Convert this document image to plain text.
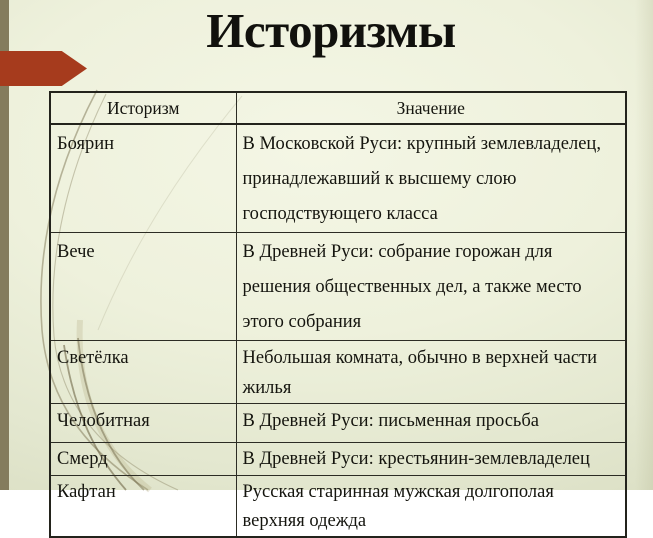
Историзмы
Историзм	Значение
Боярин	В Московской Руси: крупный землевладелец, принадлежавший к высшему слою господствующего класса
Вече	В Древней Руси: собрание горожан для решения общественных дел, а также место этого собрания
Светёлка	Небольшая комната, обычно в верхней части жилья
Челобитная	В Древней Руси: письменная просьба
Смерд	В Древней Руси: крестьянин-землевладелец
Кафтан	Русская старинная мужская долгополая верхняя одежда
